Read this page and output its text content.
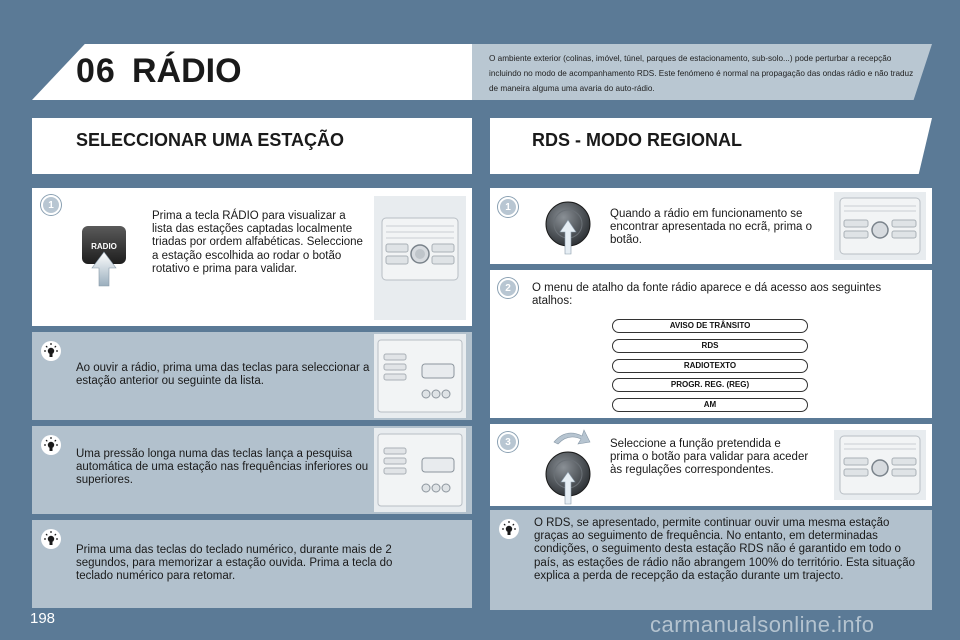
06 RÁDIO	O ambiente exterior (colinas, imóvel, túnel, parques de estacionamento, sub-solo...) pode perturbar a recepção incluindo no modo de acompanhamento RDS. Este fenómeno é normal na propagação das ondas rádio e não traduz de maneira alguma uma avaria do auto-rádio.
SELECCIONAR UMA ESTAÇÃO	RDS - MODO REGIONAL
1
RADIO
Prima a tecla RÁDIO para visualizar a lista das estações captadas localmente triadas por ordem alfabéticas. Seleccione a estação escolhida ao rodar o botão rotativo e prima para validar.
Ao ouvir a rádio, prima uma das teclas para seleccionar a estação anterior ou seguinte da lista.
Uma pressão longa numa das teclas lança a pesquisa automática de uma estação nas frequências inferiores ou superiores.
Prima uma das teclas do teclado numérico, durante mais de 2 segundos, para memorizar a estação ouvida. Prima a tecla do teclado numérico para retomar.
1
Quando a rádio em funcionamento se encontrar apresentada no ecrã, prima o botão.
2	O menu de atalho da fonte rádio aparece e dá acesso aos seguintes atalhos:
AVISO DE TRÂNSITO
RDS
RADIOTEXTO
PROGR. REG. (REG)
AM
3	Seleccione a função pretendida e prima o botão para validar para aceder às regulações correspondentes.
O RDS, se apresentado, permite continuar ouvir uma mesma estação graças ao seguimento de frequência. No entanto, em determinadas condições, o seguimento desta estação RDS não é garantido em todo o país, as estações de rádio não abrangem 100% do território. Esta situação explica a perda de recepção da estação durante um trajecto.
198	carmanualsonline.info
